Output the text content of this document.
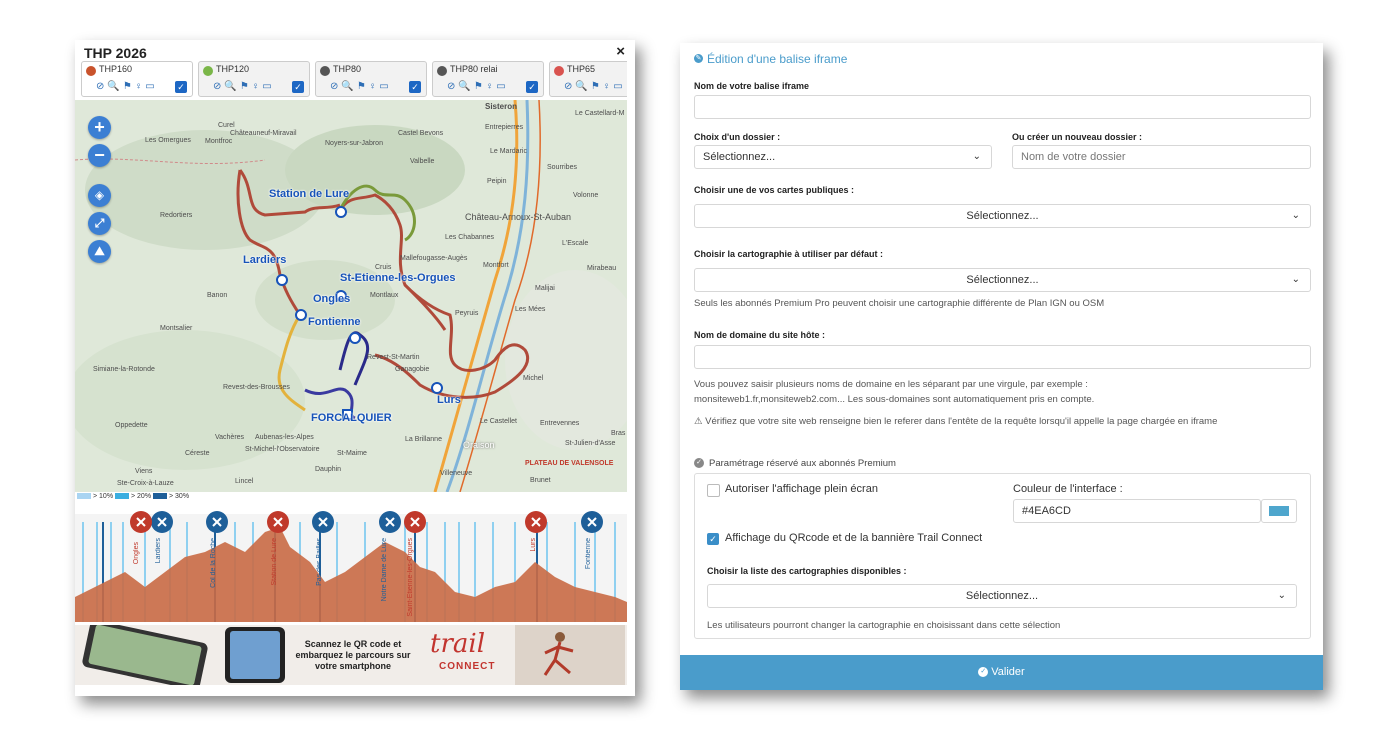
THP 2026	×
THP160
⊘🔍⚑♀▭ ✓
THP120
⊘🔍⚑♀▭ ✓
THP80
⊘🔍⚑♀▭ ✓
THP80 relai
⊘🔍⚑♀▭ ✓
THP65
⊘🔍⚑♀▭
+
−
◈
⤢
⛰
Sisteron
Le Castellard-M
Curel
Les Omergues Montfroc
Châteauneuf-Miravail
Noyers-sur-Jabron
Castel Bevons
Entrepierres
Le Mardaric
Sourribes
Valbelle
Peipin
Volonne
Redortiers	Château-Arnoux-St-Auban
Les Chabannes
L'Escale
Malijai
Mirabeau
Montfort
Peyruis
Les Mées
Montsalier
Banon
Simiane-la-Rotonde
Revest-des-Brousses
Oppedette
Vachères Aubenas-les-Alpes
St-Michel-l'Observatoire
Céreste
Viens
Lincel
Dauphin
St-Maime
La Brillanne
Villeneuve
Oraison
Le Castellet	Entrevennes
Michel
PLATEAU DE VALENSOLE
Ste-Croix-à-Lauze
Cruis
Mallefougasse-Augès
Montlaux
Revest-St-Martin
Ganagobie
St-Julien-d'Asse
Brunet
Bras
Station de Lure
Lardiers
St-Etienne-les-Orgues
Ongles
Fontienne
FORCALQUIER
Lurs
> 10%	> 20%	> 30%
Ongles Lardiers	Col de la Roche	Station de Lure	Pas des Bailles	Notre Dame de Lure	Saint-Etienne-les-Orgues	Lurs	Fontienne
Scannez le QR code et embarquez le parcours sur votre smartphone
trail
CONNECT
✎ Édition d'une balise iframe
Nom de votre balise iframe
Choix d'un dossier :
Sélectionnez...	⌄
Ou créer un nouveau dossier :
Nom de votre dossier
Choisir une de vos cartes publiques :
Sélectionnez...	⌄
Choisir la cartographie à utiliser par défaut :
Sélectionnez...	⌄
Seuls les abonnés Premium Pro peuvent choisir une cartographie différente de Plan IGN ou OSM
Nom de domaine du site hôte :
Vous pouvez saisir plusieurs noms de domaine en les séparant par une virgule, par exemple :
monsiteweb1.fr,monsiteweb2.com... Les sous-domaines sont automatiquement pris en compte.
⚠ Vérifiez que votre site web renseigne bien le referer dans l'entête de la requête lorsqu'il appelle la page chargée en iframe
✓ Paramétrage réservé aux abonnés Premium
Autoriser l'affichage plein écran	Couleur de l'interface :
#4EA6CD
✓ Affichage du QRcode et de la bannière Trail Connect
Choisir la liste des cartographies disponibles :
Sélectionnez...	⌄
Les utilisateurs pourront changer la cartographie en choisissant dans cette sélection
✓ Valider
